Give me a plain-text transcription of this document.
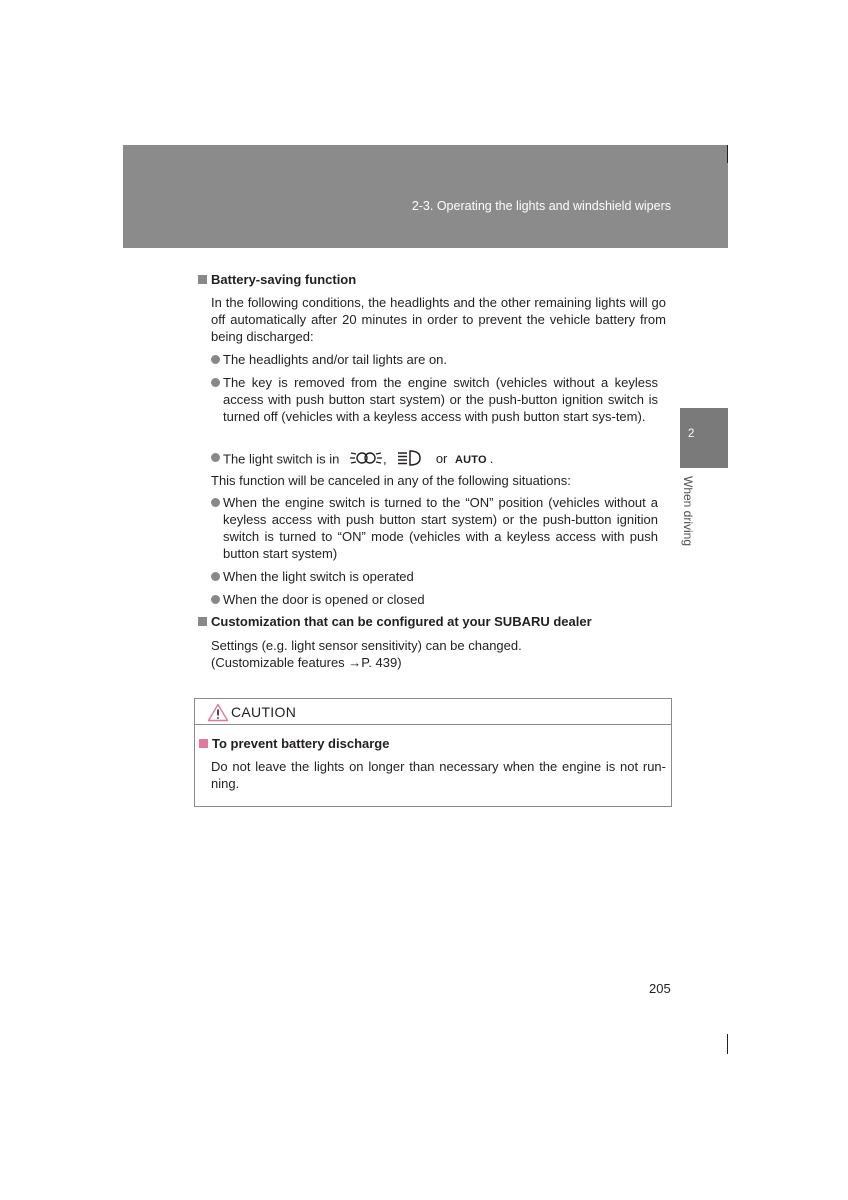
2-3. Operating the lights and windshield wipers
2
When driving
Battery-saving function
In the following conditions, the headlights and the other remaining lights will go off automatically after 20 minutes in order to prevent the vehicle battery from being discharged:
The headlights and/or tail lights are on.
The key is removed from the engine switch (vehicles without a keyless access with push button start system) or the push-button ignition switch is turned off (vehicles with a keyless access with push button start sys-tem).
The light switch is in	,	or AUTO .
This function will be canceled in any of the following situations:
When the engine switch is turned to the “ON” position (vehicles without a keyless access with push button start system) or the push-button ignition switch is turned to “ON” mode (vehicles with a keyless access with push button start system)
When the light switch is operated
When the door is opened or closed
Customization that can be configured at your SUBARU dealer
Settings (e.g. light sensor sensitivity) can be changed.
(Customizable features →P. 439)
CAUTION
To prevent battery discharge
Do not leave the lights on longer than necessary when the engine is not run-ning.
205
